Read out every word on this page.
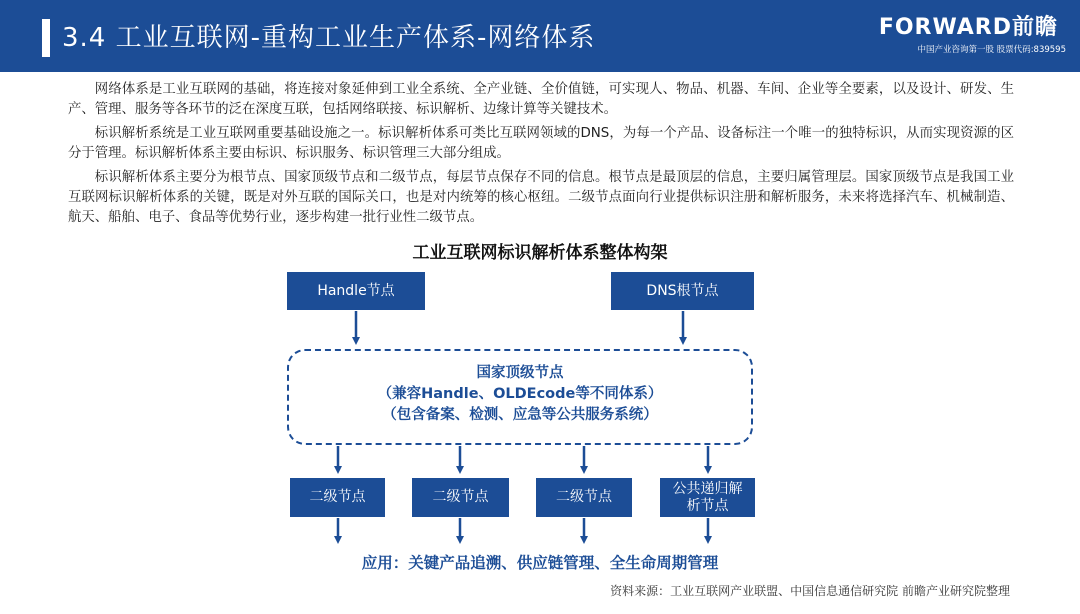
3.4 工业互联网-重构工业生产体系-网络体系	FORWARD前瞻
中国产业咨询第一股 股票代码:839595

网络体系是工业互联网的基础，将连接对象延伸到工业全系统、全产业链、全价值链，可实现人、物品、机器、车间、企业等全要素，以及设计、研发、生产、管理、服务等各环节的泛在深度互联，包括网络联接、标识解析、边缘计算等关键技术。

标识解析系统是工业互联网重要基础设施之一。标识解析体系可类比互联网领域的DNS，为每一个产品、设备标注一个唯一的独特标识，从而实现资源的区分于管理。标识解析体系主要由标识、标识服务、标识管理三大部分组成。

标识解析体系主要分为根节点、国家顶级节点和二级节点，每层节点保存不同的信息。根节点是最顶层的信息，主要归属管理层。国家顶级节点是我国工业互联网标识解析体系的关键，既是对外互联的国际关口，也是对内统筹的核心枢纽。二级节点面向行业提供标识注册和解析服务，未来将选择汽车、机械制造、航天、船舶、电子、食品等优势行业，逐步构建一批行业性二级节点。

工业互联网标识解析体系整体构架
Handle节点	DNS根节点
国家顶级节点
（兼容Handle、OLDEcode等不同体系）
（包含备案、检测、应急等公共服务系统）
二级节点	二级节点	二级节点
公共递归解析节点
应用：关键产品追溯、供应链管理、全生命周期管理
资料来源：工业互联网产业联盟、中国信息通信研究院 前瞻产业研究院整理
